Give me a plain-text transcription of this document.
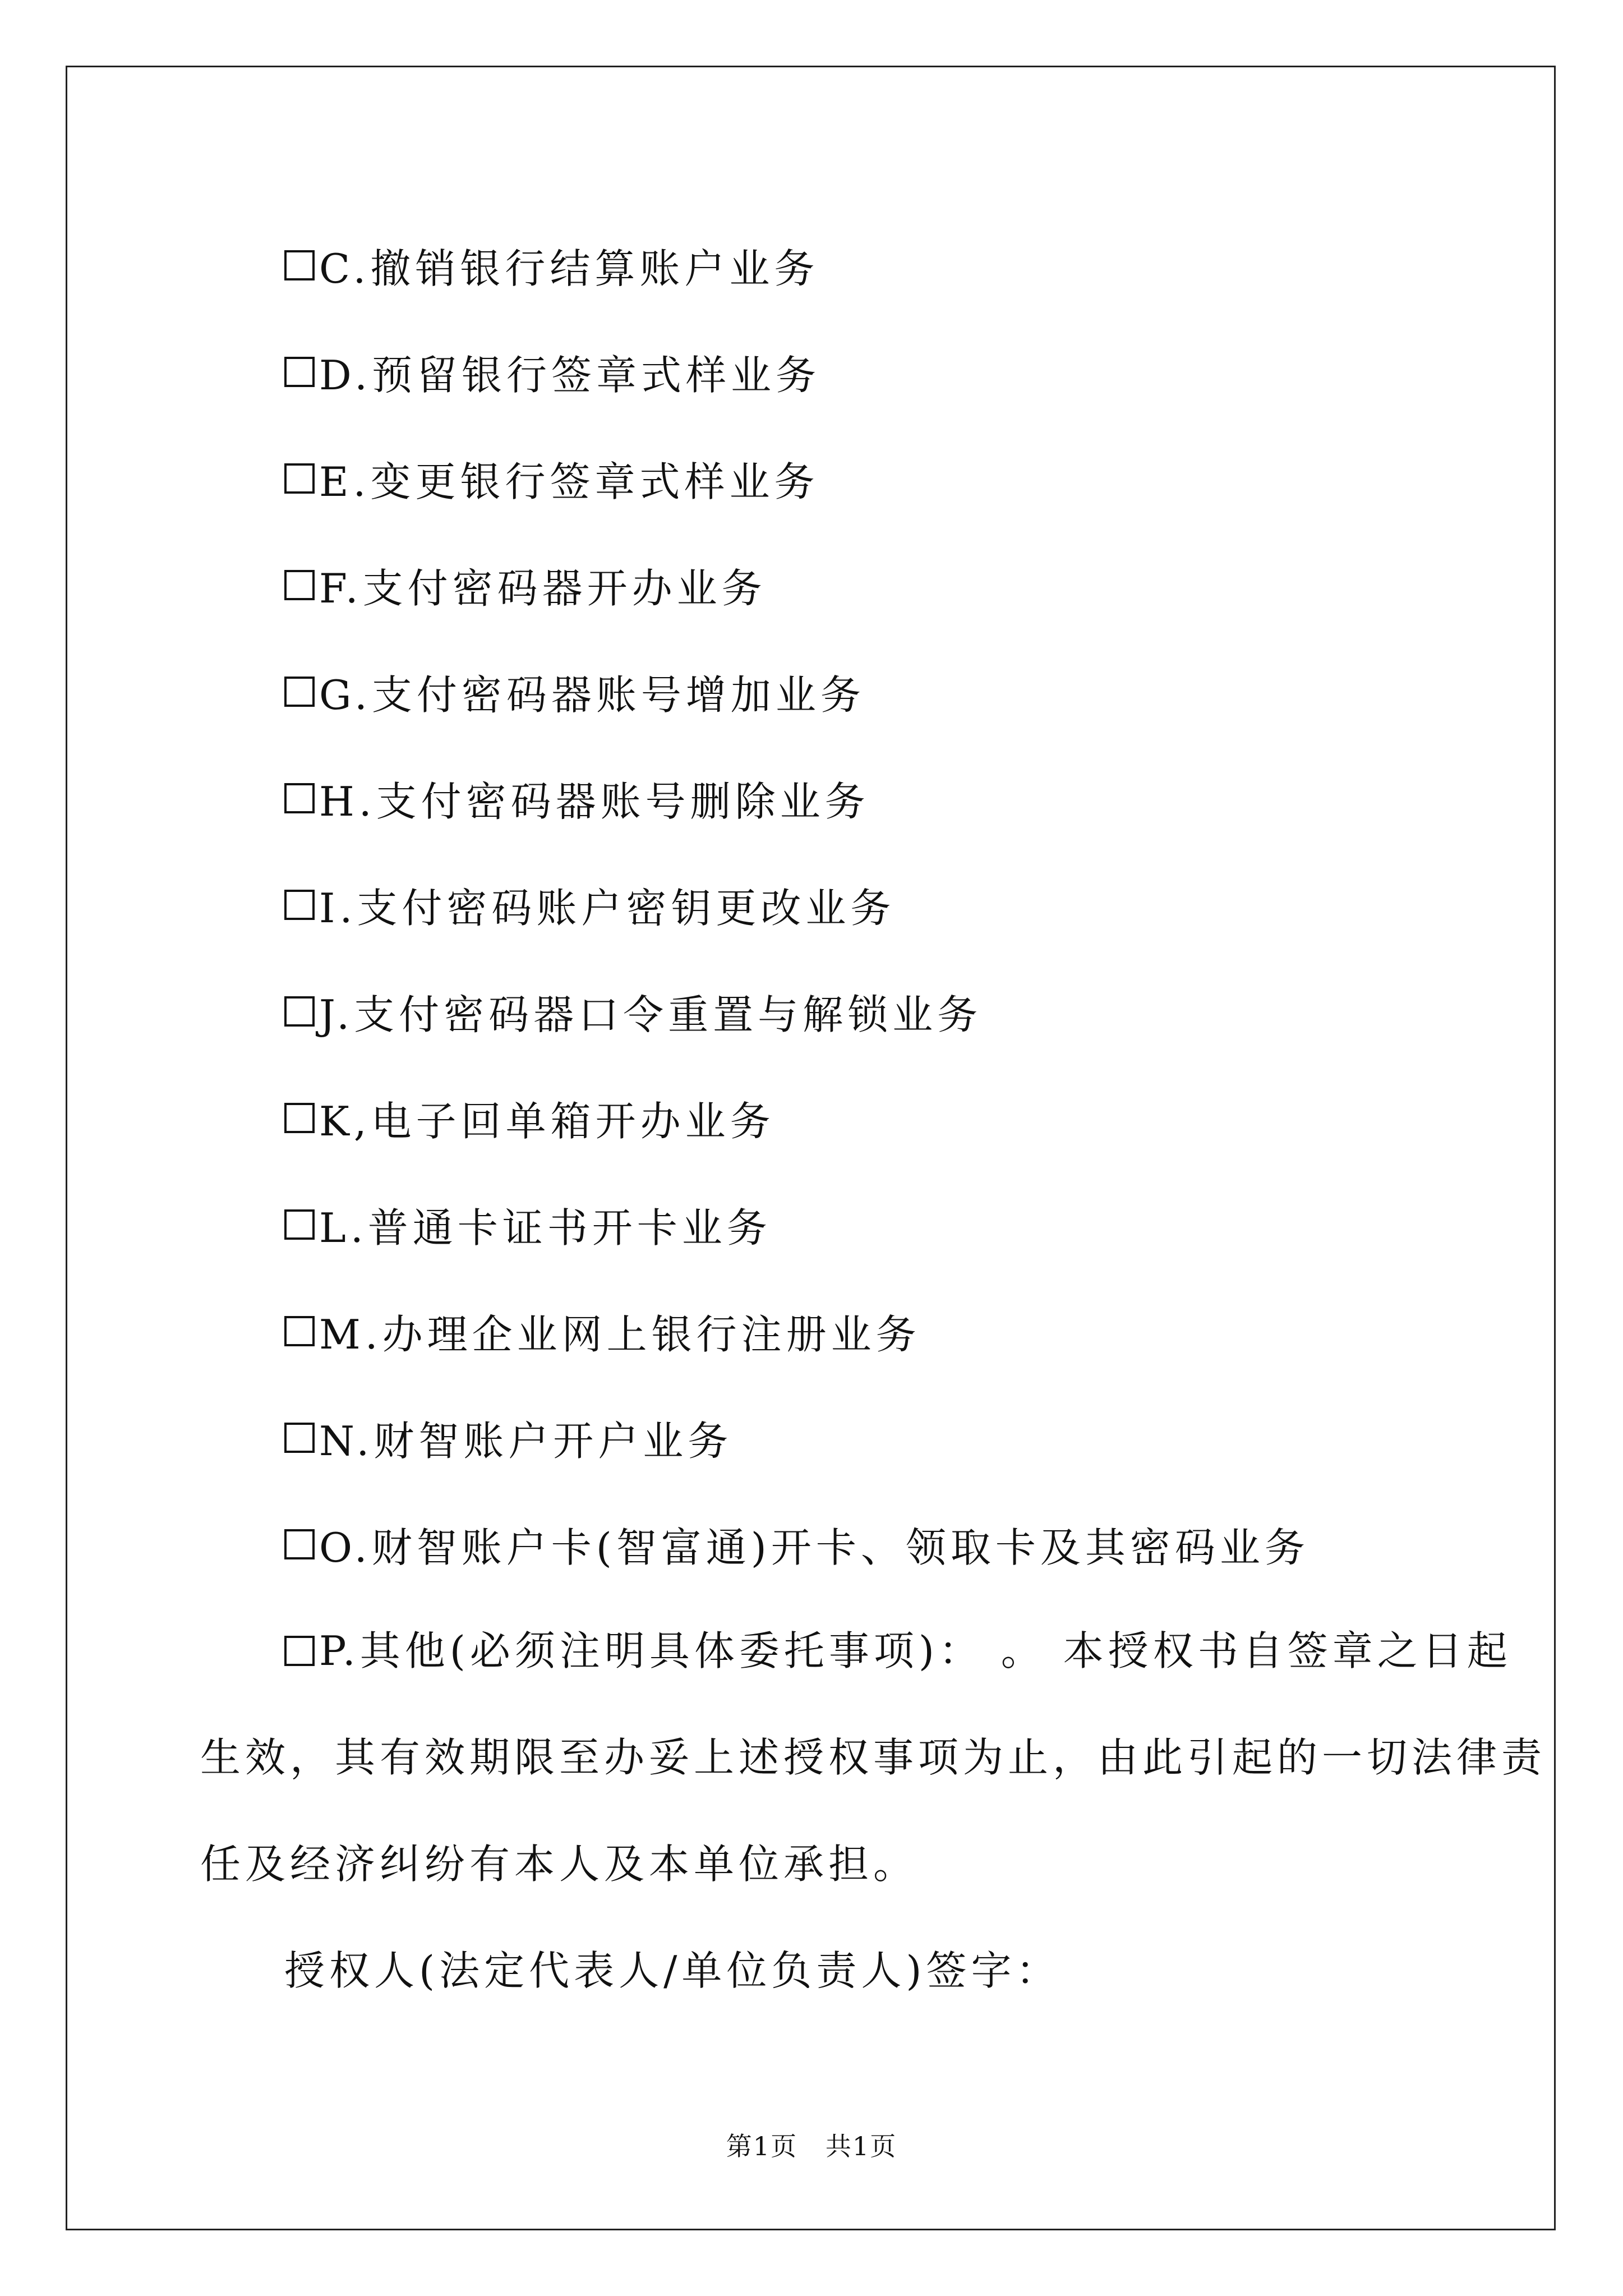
C.撤销银行结算账户业务
D.预留银行签章式样业务
E.变更银行签章式样业务
F.支付密码器开办业务
G.支付密码器账号增加业务
H.支付密码器账号删除业务
I.支付密码账户密钥更改业务
J.支付密码器口令重置与解锁业务
K,电子回单箱开办业务
L.普通卡证书开卡业务
M.办理企业网上银行注册业务
N.财智账户开户业务
O.财智账户卡(智富通)开卡、领取卡及其密码业务
P.其他(必须注明具体委托事项)： 。 本授权书自签章之日起
生效，其有效期限至办妥上述授权事项为止，由此引起的一切法律责
任及经济纠纷有本人及本单位承担。
授权人(法定代表人/单位负责人)签字：
第1页   共1页
